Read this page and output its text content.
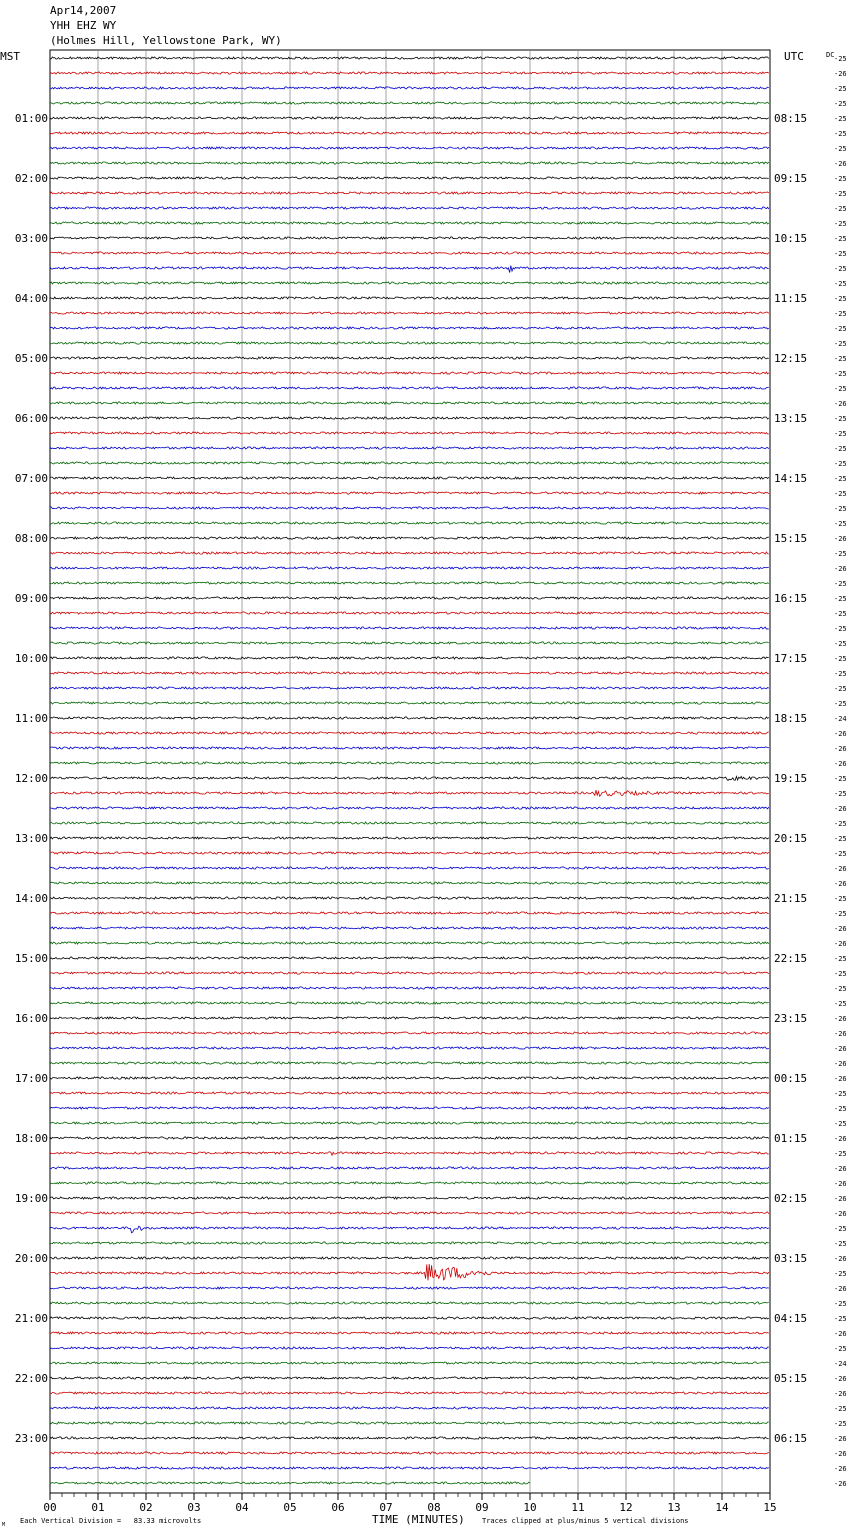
Apr14,2007
YHH EHZ WY
(Holmes Hill, Yellowstone Park, WY)
01:00
02:00
03:00
04:00
05:00
06:00
07:00
08:00
09:00
10:00
11:00
12:00
13:00
14:00
15:00
16:00
17:00
18:00
19:00
20:00
21:00
22:00
23:00
08:15
09:15
10:15
11:15
12:15
13:15
14:15
15:15
16:15
17:15
18:15
19:15
20:15
21:15
22:15
23:15
00:15
01:15
02:15
03:15
04:15
05:15
06:15
-25
-26
-25
-25
-25
-25
-25
-26
-25
-25
-25
-25
-25
-25
-25
-25
-25
-25
-25
-25
-25
-25
-25
-26
-25
-25
-25
-25
-25
-25
-25
-25
-26
-25
-26
-25
-25
-25
-25
-25
-25
-25
-25
-25
-24
-26
-26
-26
-25
-25
-26
-25
-25
-25
-26
-26
-25
-25
-26
-26
-25
-25
-25
-25
-26
-26
-26
-26
-26
-25
-25
-25
-26
-25
-26
-26
-26
-26
-25
-25
-26
-25
-26
-25
-25
-26
-25
-24
-26
-26
-25
-25
-26
-26
-26
-26
00	01	02	03	04	05	06	07	08	09	10	11	12	13	14	15
MST	UTC	DC
TIME (MINUTES)
Each Vertical Division =   83.33 microvolts	Traces clipped at plus/minus 5 vertical divisions
M
